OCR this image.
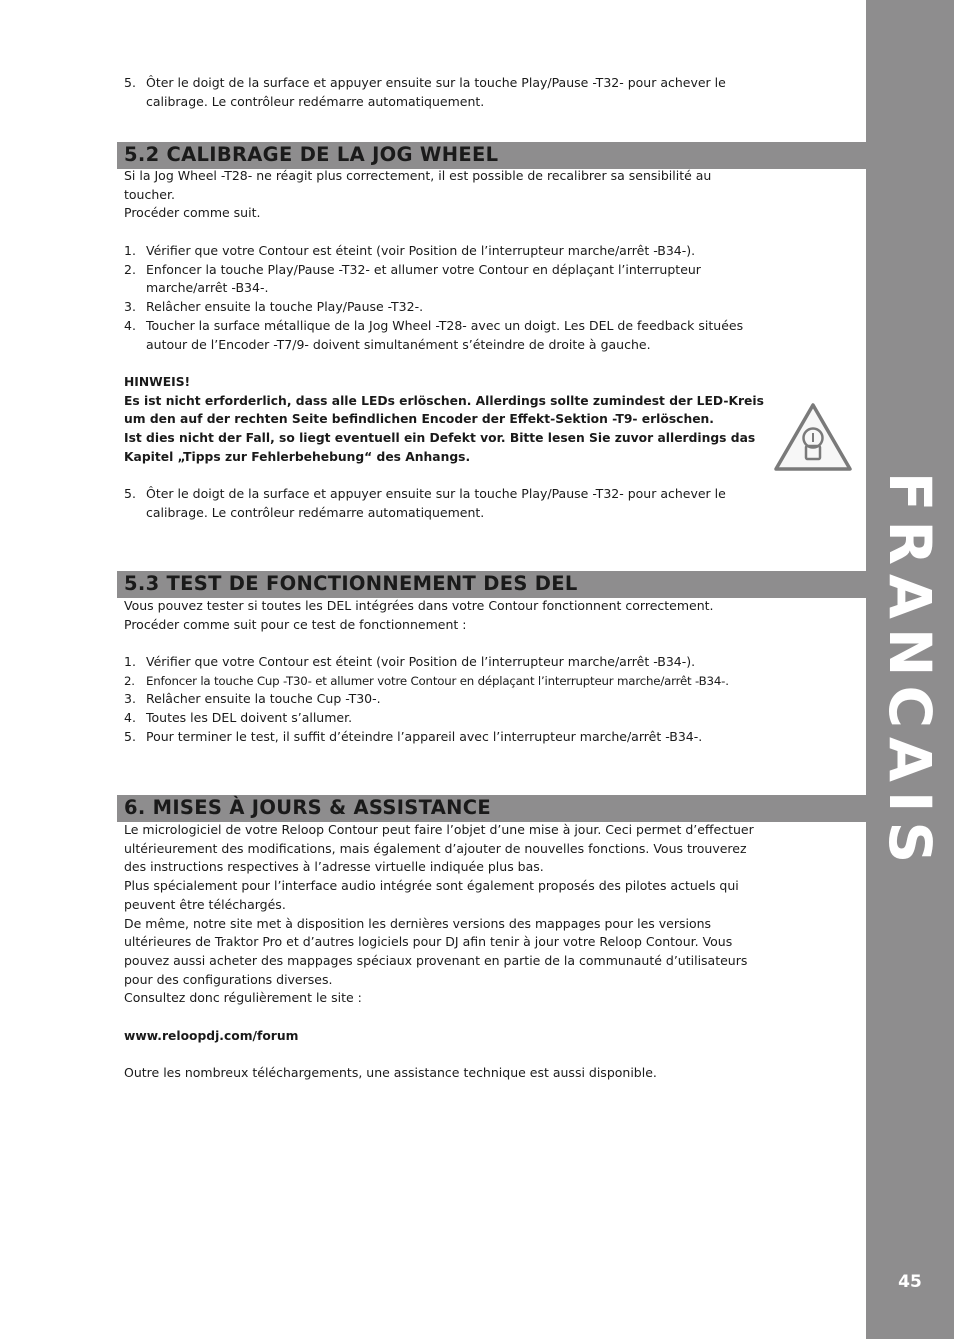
FRANCAIS
45
5.2 CALIBRAGE DE LA JOG WHEEL
5.3 TEST DE FONCTIONNEMENT DES DEL
6. MISES À JOURS & ASSISTANCE
5. Ôter le doigt de la surface et appuyer ensuite sur la touche Play/Pause -T32- pour achever le calibrage. Le contrôleur redémarre automatiquement.

Si la Jog Wheel -T28- ne réagit plus correctement, il est possible de recalibrer sa sensibilité au toucher.

Procéder comme suit.

1. Vérifier que votre Contour est éteint (voir Position de l’interrupteur marche/arrêt -B34-).
2. Enfoncer la touche Play/Pause -T32- et allumer votre Contour en déplaçant l’interrupteur marche/arrêt -B34-.
3. Relâcher ensuite la touche Play/Pause -T32-.
4. Toucher la surface métallique de la Jog Wheel -T28- avec un doigt. Les DEL de feedback situées autour de l’Encoder -T7/9- doivent simultanément s’éteindre de droite à gauche.

HINWEIS!

Es ist nicht erforderlich, dass alle LEDs erlöschen. Allerdings sollte zumindest der LED-Kreis um den auf der rechten Seite befindlichen Encoder der Effekt-Sektion -T9- erlöschen.

Ist dies nicht der Fall, so liegt eventuell ein Defekt vor. Bitte lesen Sie zuvor allerdings das Kapitel „Tipps zur Fehlerbehebung“ des Anhangs.

5. Ôter le doigt de la surface et appuyer ensuite sur la touche Play/Pause -T32- pour achever le calibrage. Le contrôleur redémarre automatiquement.

Vous pouvez tester si toutes les DEL intégrées dans votre Contour fonctionnent correctement.

Procéder comme suit pour ce test de fonctionnement :

1. Vérifier que votre Contour est éteint (voir Position de l’interrupteur marche/arrêt -B34-).
2. Enfoncer la touche Cup -T30- et allumer votre Contour en déplaçant l’interrupteur marche/arrêt -B34-.
3. Relâcher ensuite la touche Cup -T30-.
4. Toutes les DEL doivent s’allumer.
5. Pour terminer le test, il suffit d’éteindre l’appareil avec l’interrupteur marche/arrêt -B34-.

Le micrologiciel de votre Reloop Contour peut faire l’objet d’une mise à jour. Ceci permet d’effectuer ultérieurement des modifications, mais également d’ajouter de nouvelles fonctions. Vous trouverez des instructions respectives à l’adresse virtuelle indiquée plus bas.

Plus spécialement pour l’interface audio intégrée sont également proposés des pilotes actuels qui peuvent être téléchargés.

De même, notre site met à disposition les dernières versions des mappages pour les versions ultérieures de Traktor Pro et d’autres logiciels pour DJ afin tenir à jour votre Reloop Contour. Vous pouvez aussi acheter des mappages spéciaux provenant en partie de la communauté d’utilisateurs pour des configurations diverses.

Consultez donc régulièrement le site :

www.reloopdj.com/forum

Outre les nombreux téléchargements, une assistance technique est aussi disponible.
